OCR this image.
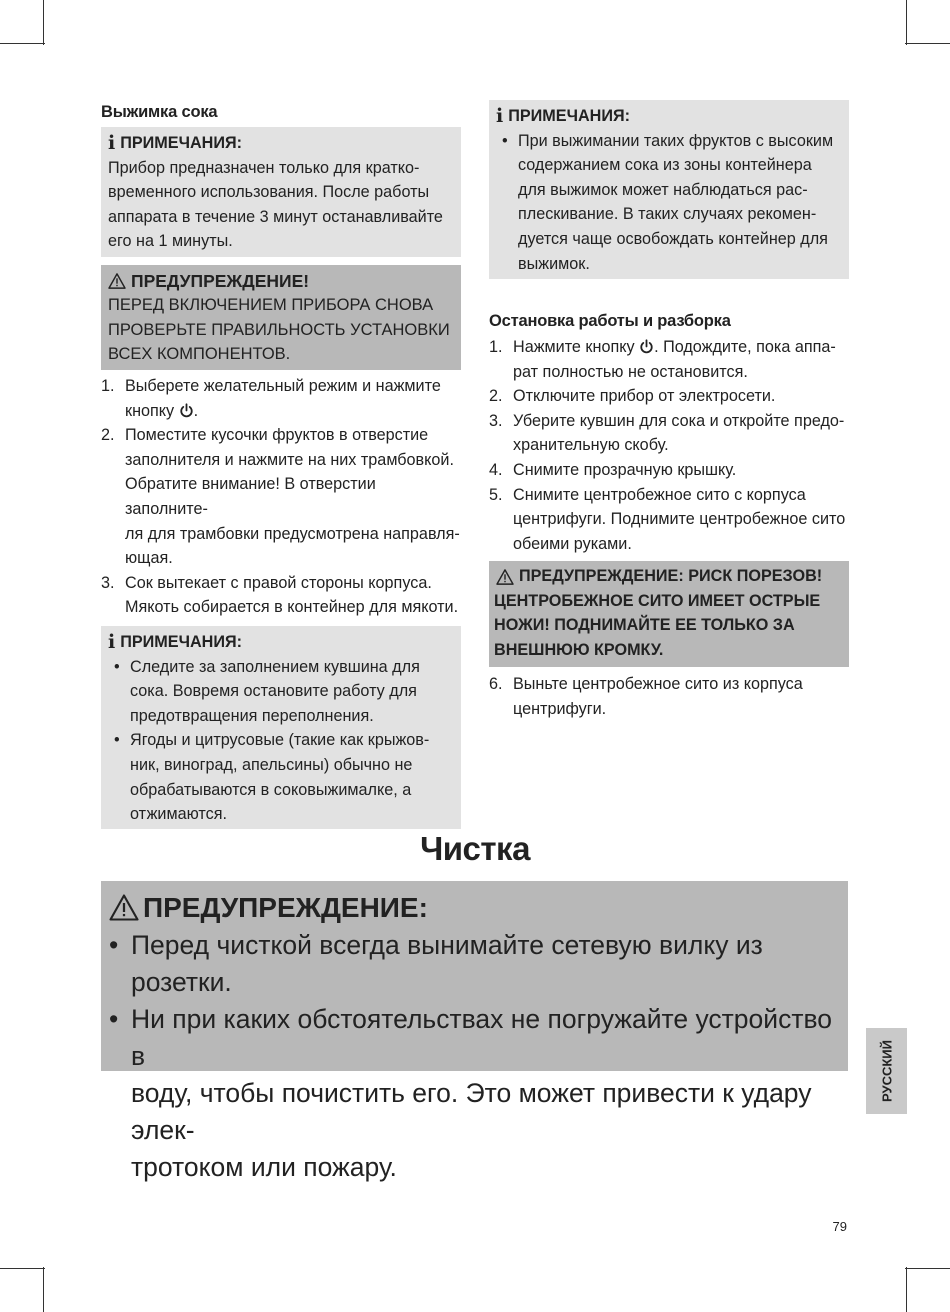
Выжимка сока
i ПРИМЕЧАНИЯ:
Прибор предназначен только для кратко-
временного использования. После работы
аппарата в течение 3 минут останавливайте
его на 1 минуты.
ПРЕДУПРЕЖДЕНИЕ!
ПЕРЕД ВКЛЮЧЕНИЕМ ПРИБОРА СНОВА
ПРОВЕРЬТЕ ПРАВИЛЬНОСТЬ УСТАНОВКИ
ВСЕХ КОМПОНЕНТОВ.
1. Выберете желательный режим и нажмите
кнопку .
2. Поместите кусочки фруктов в отверстие
заполнителя и нажмите на них трамбовкой.
Обратите внимание! В отверстии заполните-
ля для трамбовки предусмотрена направля-
ющая.
3. Сок вытекает с правой стороны корпуса.
Мякоть собирается в контейнер для мякоти.
i ПРИМЕЧАНИЯ:
• Следите за заполнением кувшина для
сока. Вовремя остановите работу для
предотвращения переполнения.
• Ягоды и цитрусовые (такие как крыжов-
ник, виноград, апельсины) обычно не
обрабатываются в соковыжималке, а
отжимаются.
i ПРИМЕЧАНИЯ:
• При выжимании таких фруктов с высоким
содержанием сока из зоны контейнера
для выжимок может наблюдаться рас-
плескивание. В таких случаях рекомен-
дуется чаще освобождать контейнер для
выжимок.
Остановка работы и разборка
1. Нажмите кнопку . Подождите, пока аппа-
рат полностью не остановится.
2. Отключите прибор от электросети.
3. Уберите кувшин для сока и откройте предо-
хранительную скобу.
4. Снимите прозрачную крышку.
5. Снимите центробежное сито с корпуса
центрифуги. Поднимите центробежное сито
обеими руками.
ПРЕДУПРЕЖДЕНИЕ: РИСК ПОРЕЗОВ!
ЦЕНТРОБЕЖНОЕ СИТО ИМЕЕТ ОСТРЫЕ
НОЖИ! ПОДНИМАЙТЕ ЕЕ ТОЛЬКО ЗА
ВНЕШНЮЮ КРОМКУ.
6. Выньте центробежное сито из корпуса
центрифуги.
Чистка
ПРЕДУПРЕЖДЕНИЕ:
• Перед чисткой всегда вынимайте сетевую вилку из розетки.
• Ни при каких обстоятельствах не погружайте устройство в
воду, чтобы почистить его. Это может привести к удару элек-
тротоком или пожару.
РУССКИЙ
79
